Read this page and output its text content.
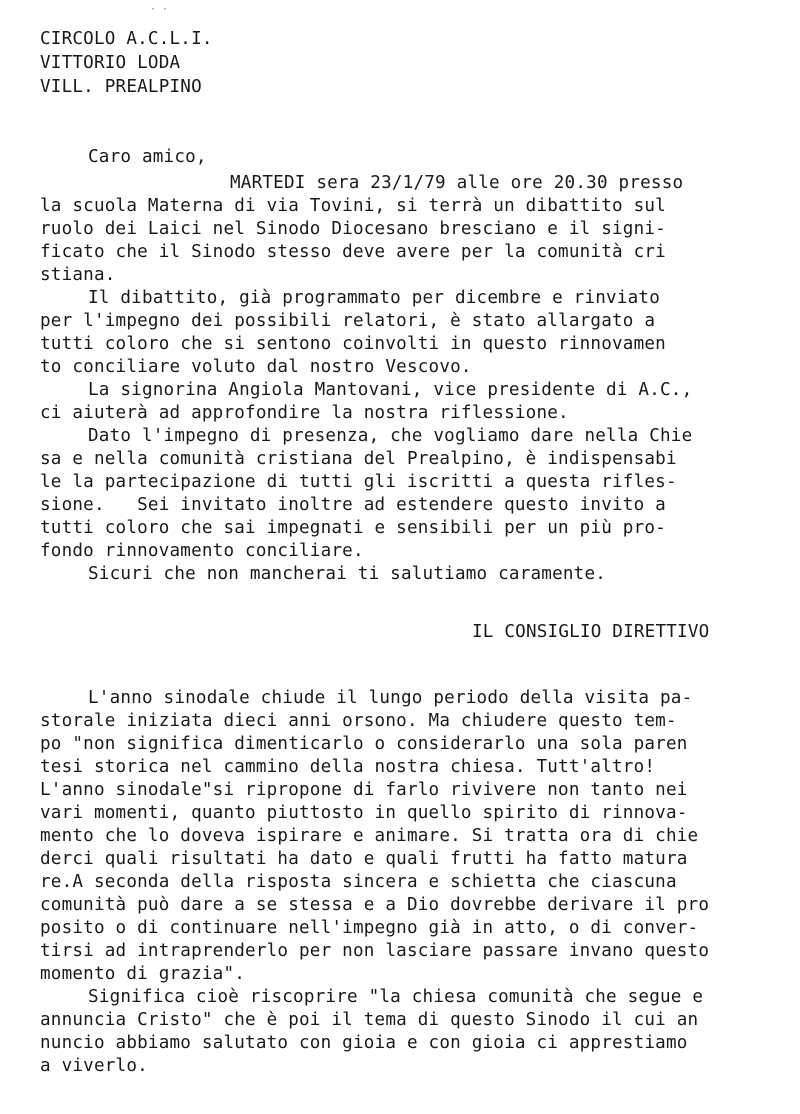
· ·
CIRCOLO A.C.L.I.
VITTORIO LODA
VILL. PREALPINO
Caro amico,
MARTEDI sera 23/1/79 alle ore 20.30 presso
la scuola Materna di via Tovini, si terrà un dibattito sul
ruolo dei Laici nel Sinodo Diocesano bresciano e il signi-
ficato che il Sinodo stesso deve avere per la comunità cri
stiana.
Il dibattito, già programmato per dicembre e rinviato
per l'impegno dei possibili relatori, è stato allargato a
tutti coloro che si sentono coinvolti in questo rinnovamen
to conciliare voluto dal nostro Vescovo.
La signorina Angiola Mantovani, vice presidente di A.C.,
ci aiuterà ad approfondire la nostra riflessione.
Dato l'impegno di presenza, che vogliamo dare nella Chie
sa e nella comunità cristiana del Prealpino, è indispensabi
le la partecipazione di tutti gli iscritti a questa rifles-
sione.   Sei invitato inoltre ad estendere questo invito a
tutti coloro che sai impegnati e sensibili per un più pro-
fondo rinnovamento conciliare.
Sicuri che non mancherai ti salutiamo caramente.
IL CONSIGLIO DIRETTIVO
L'anno sinodale chiude il lungo periodo della visita pa-
storale iniziata dieci anni orsono. Ma chiudere questo tem-
po "non significa dimenticarlo o considerarlo una sola paren
tesi storica nel cammino della nostra chiesa. Tutt'altro!
L'anno sinodale"si ripropone di farlo rivivere non tanto nei
vari momenti, quanto piuttosto in quello spirito di rinnova-
mento che lo doveva ispirare e animare. Si tratta ora di chie
derci quali risultati ha dato e quali frutti ha fatto matura
re.A seconda della risposta sincera e schietta che ciascuna
comunità può dare a se stessa e a Dio dovrebbe derivare il pro
posito o di continuare nell'impegno già in atto, o di conver-
tirsi ad intraprenderlo per non lasciare passare invano questo
momento di grazia".
Significa cioè riscoprire "la chiesa comunità che segue e
annuncia Cristo" che è poi il tema di questo Sinodo il cui an
nuncio abbiamo salutato con gioia e con gioia ci apprestiamo
a viverlo.
